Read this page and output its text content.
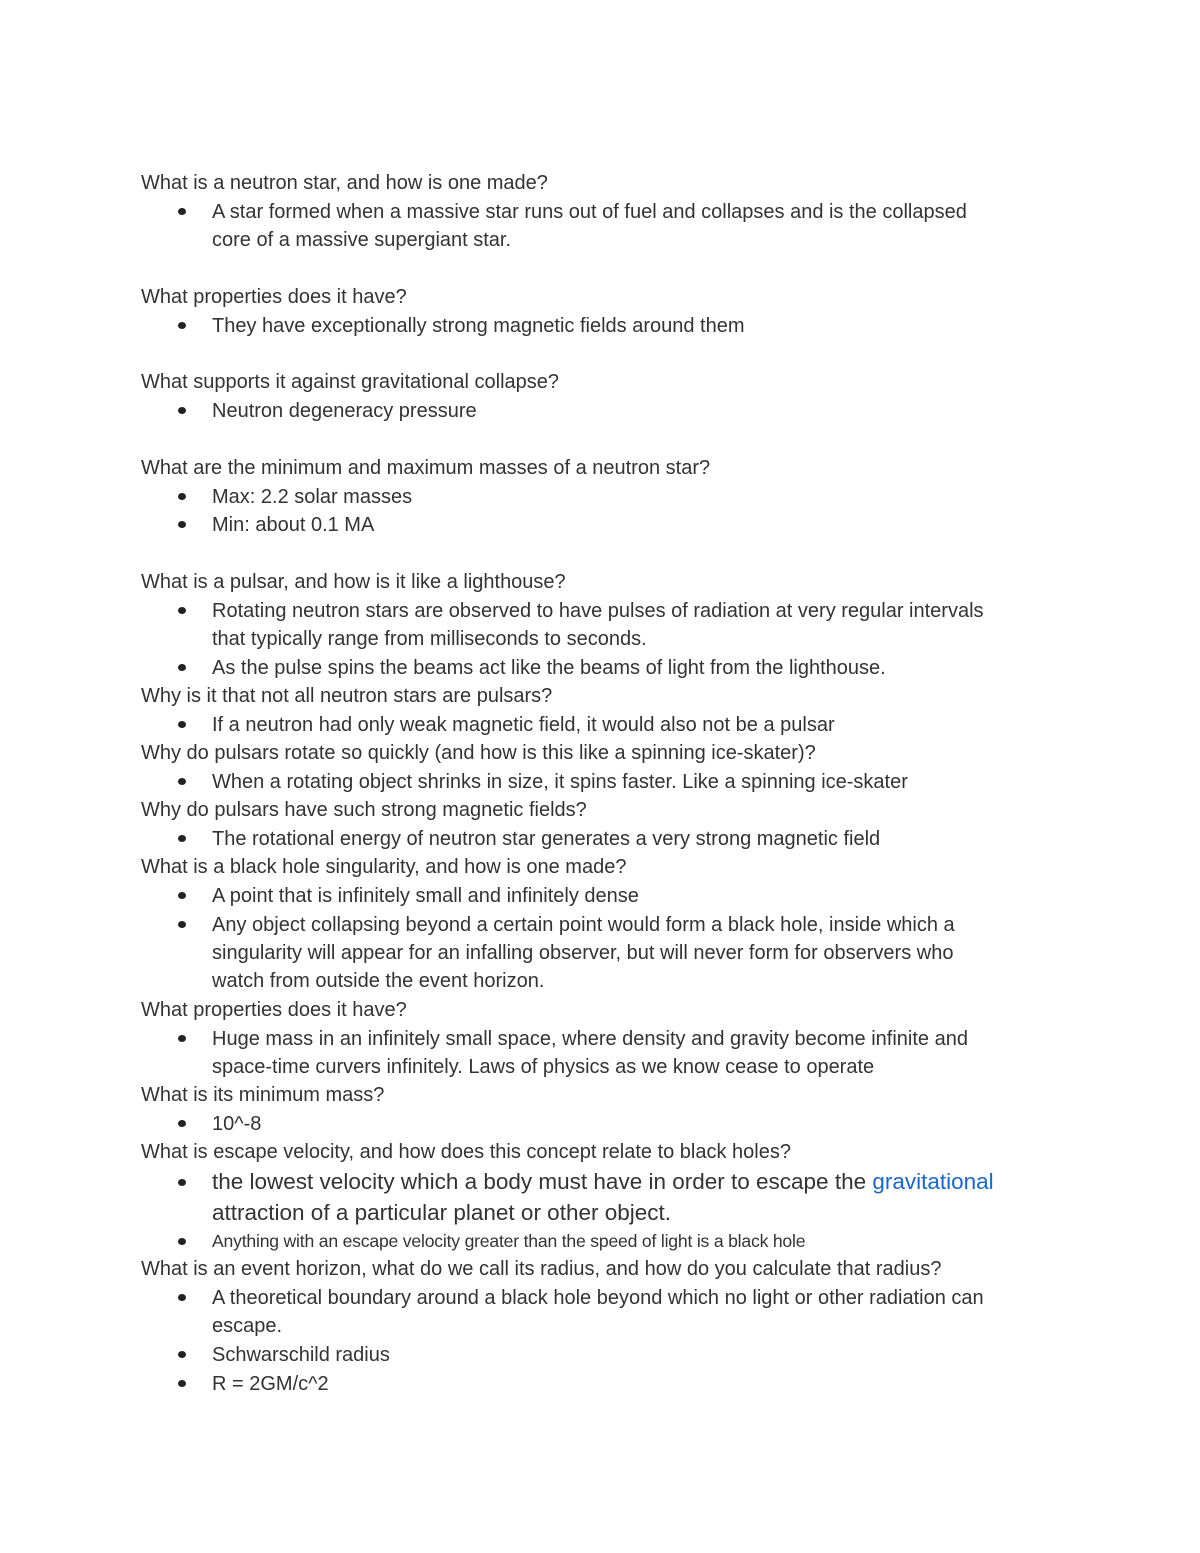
What is a neutron star, and how is one made?
A star formed when a massive star runs out of fuel and collapses and is the collapsed
core of a massive supergiant star.
What properties does it have?
They have exceptionally strong magnetic fields around them
What supports it against gravitational collapse?
Neutron degeneracy pressure
What are the minimum and maximum masses of a neutron star?
Max: 2.2 solar masses
Min: about 0.1 MA
What is a pulsar, and how is it like a lighthouse?
Rotating neutron stars are observed to have pulses of radiation at very regular intervals
that typically range from milliseconds to seconds.
As the pulse spins the beams act like the beams of light from the lighthouse.
Why is it that not all neutron stars are pulsars?
If a neutron had only weak magnetic field, it would also not be a pulsar
Why do pulsars rotate so quickly (and how is this like a spinning ice-skater)?
When a rotating object shrinks in size, it spins faster. Like a spinning ice-skater
Why do pulsars have such strong magnetic fields?
The rotational energy of neutron star generates a very strong magnetic field
What is a black hole singularity, and how is one made?
A point that is infinitely small and infinitely dense
Any object collapsing beyond a certain point would form a black hole, inside which a
singularity will appear for an infalling observer, but will never form for observers who
watch from outside the event horizon.
What properties does it have?
Huge mass in an infinitely small space, where density and gravity become infinite and
space-time curvers infinitely. Laws of physics as we know cease to operate
What is its minimum mass?
10^-8
What is escape velocity, and how does this concept relate to black holes?
the lowest velocity which a body must have in order to escape the gravitational
attraction of a particular planet or other object.
Anything with an escape velocity greater than the speed of light is a black hole
What is an event horizon, what do we call its radius, and how do you calculate that radius?
A theoretical boundary around a black hole beyond which no light or other radiation can
escape.
Schwarschild radius
R = 2GM/c^2
